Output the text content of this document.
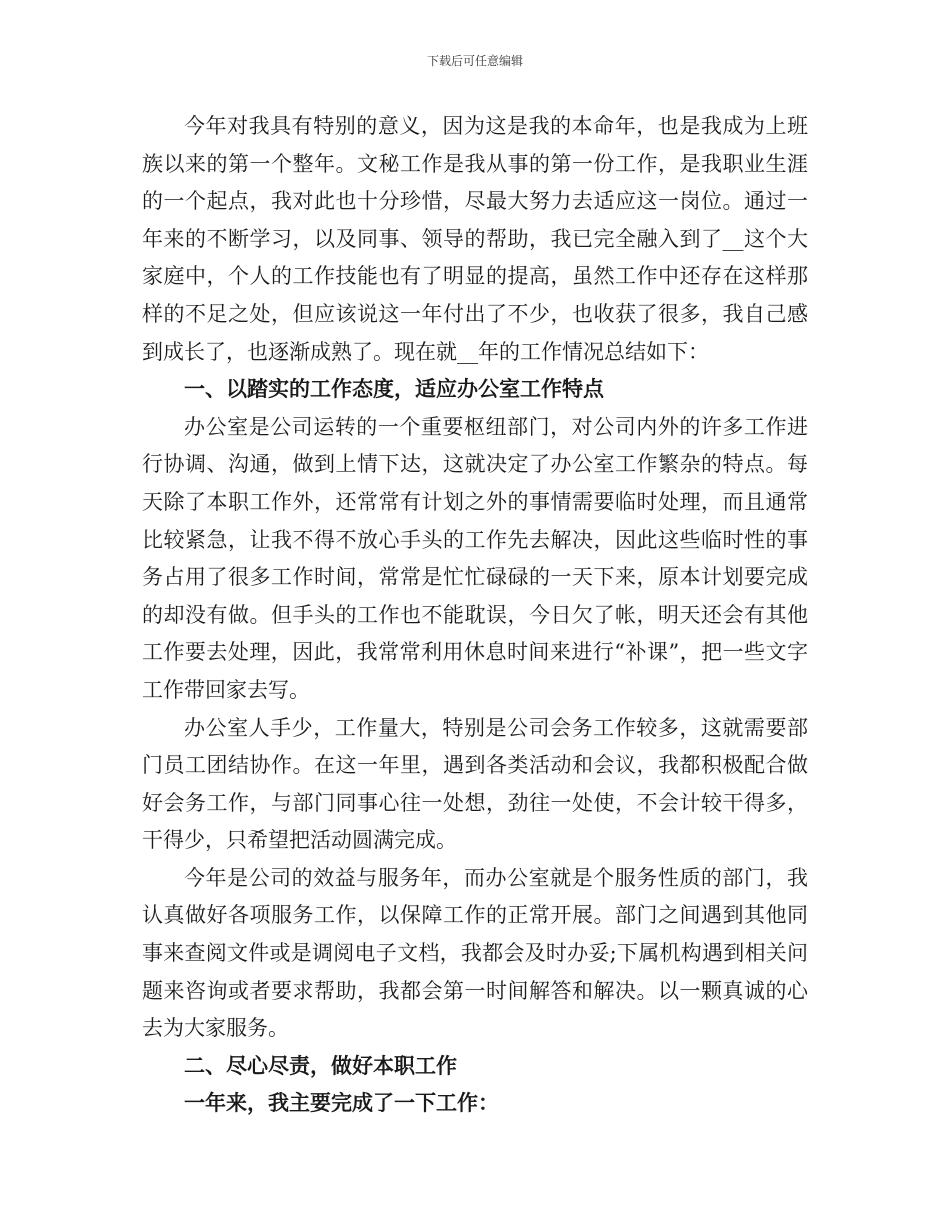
下载后可任意编辑

今年对我具有特别的意义，因为这是我的本命年，也是我成为上班族以来的第一个整年。文秘工作是我从事的第一份工作，是我职业生涯的一个起点，我对此也十分珍惜，尽最大努力去适应这一岗位。通过一年来的不断学习，以及同事、领导的帮助，我已完全融入到了__这个大家庭中，个人的工作技能也有了明显的提高，虽然工作中还存在这样那样的不足之处，但应该说这一年付出了不少，也收获了很多，我自己感到成长了，也逐渐成熟了。现在就__年的工作情况总结如下：

一、以踏实的工作态度，适应办公室工作特点

办公室是公司运转的一个重要枢纽部门，对公司内外的许多工作进行协调、沟通，做到上情下达，这就决定了办公室工作繁杂的特点。每天除了本职工作外，还常常有计划之外的事情需要临时处理，而且通常比较紧急，让我不得不放心手头的工作先去解决，因此这些临时性的事务占用了很多工作时间，常常是忙忙碌碌的一天下来，原本计划要完成的却没有做。但手头的工作也不能耽误，今日欠了帐，明天还会有其他工作要去处理，因此，我常常利用休息时间来进行“补课”，把一些文字工作带回家去写。

办公室人手少，工作量大，特别是公司会务工作较多，这就需要部门员工团结协作。在这一年里，遇到各类活动和会议，我都积极配合做好会务工作，与部门同事心往一处想，劲往一处使，不会计较干得多，干得少，只希望把活动圆满完成。

今年是公司的效益与服务年，而办公室就是个服务性质的部门，我认真做好各项服务工作，以保障工作的正常开展。部门之间遇到其他同事来查阅文件或是调阅电子文档，我都会及时办妥;下属机构遇到相关问题来咨询或者要求帮助，我都会第一时间解答和解决。以一颗真诚的心去为大家服务。

二、尽心尽责，做好本职工作

一年来，我主要完成了一下工作：
